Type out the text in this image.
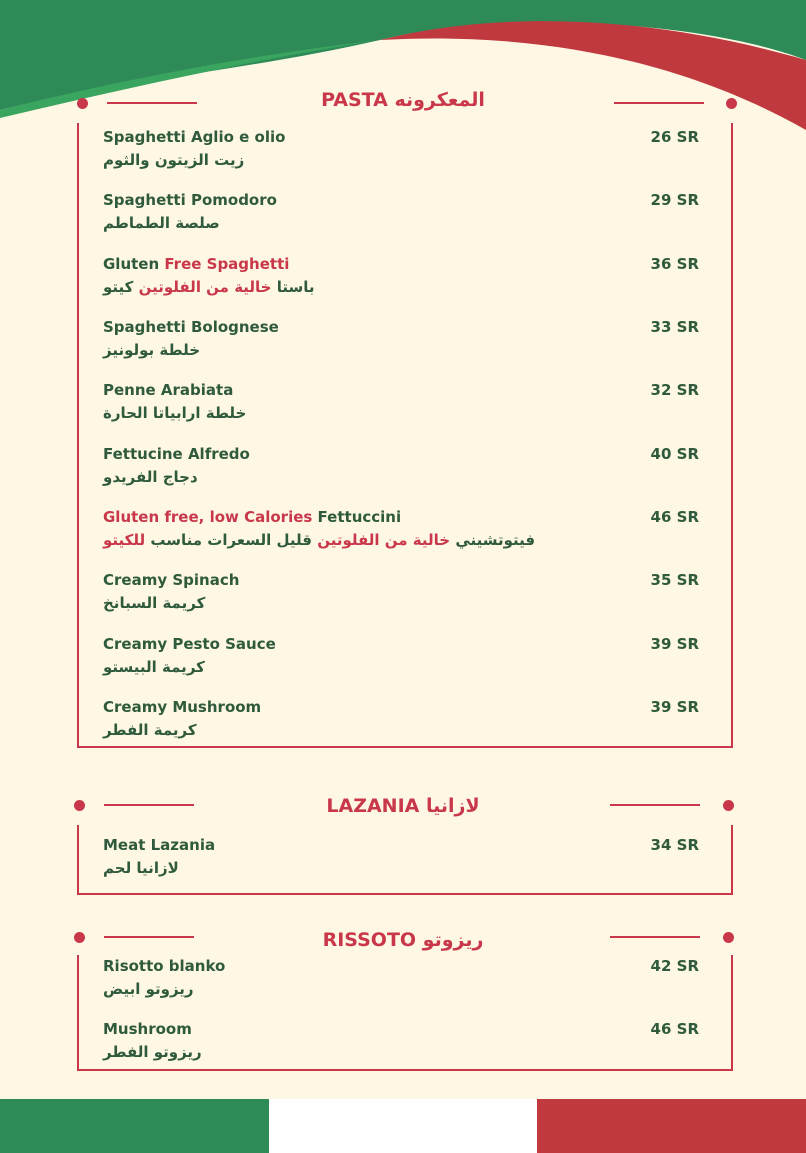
PASTA المعكرونه
Spaghetti Aglio e olio
زيت الزيتون والثوم
26 SR
Spaghetti Pomodoro
صلصة الطماطم
29 SR
Gluten Free Spaghetti
باستا خالية من الفلوتين كيتو
36 SR
Spaghetti Bolognese
خلطة بولونيز
33 SR
Penne Arabiata
خلطة ارابياتا الحارة
32 SR
Fettucine Alfredo
دجاج الفريدو
40 SR
Gluten free, low Calories Fettuccini
فيتوتشيني خالية من الفلوتين قليل السعرات مناسب للكيتو
46 SR
Creamy Spinach
كريمة السبانخ
35 SR
Creamy Pesto Sauce
كريمة البيستو
39 SR
Creamy Mushroom
كريمة الفطر
39 SR
LAZANIA لازانيا
Meat Lazania
لازانيا لحم
34 SR
RISSOTO ريزوتو
Risotto blanko
ريزوتو ابيض
42 SR
Mushroom
ريزوتو الفطر
46 SR
